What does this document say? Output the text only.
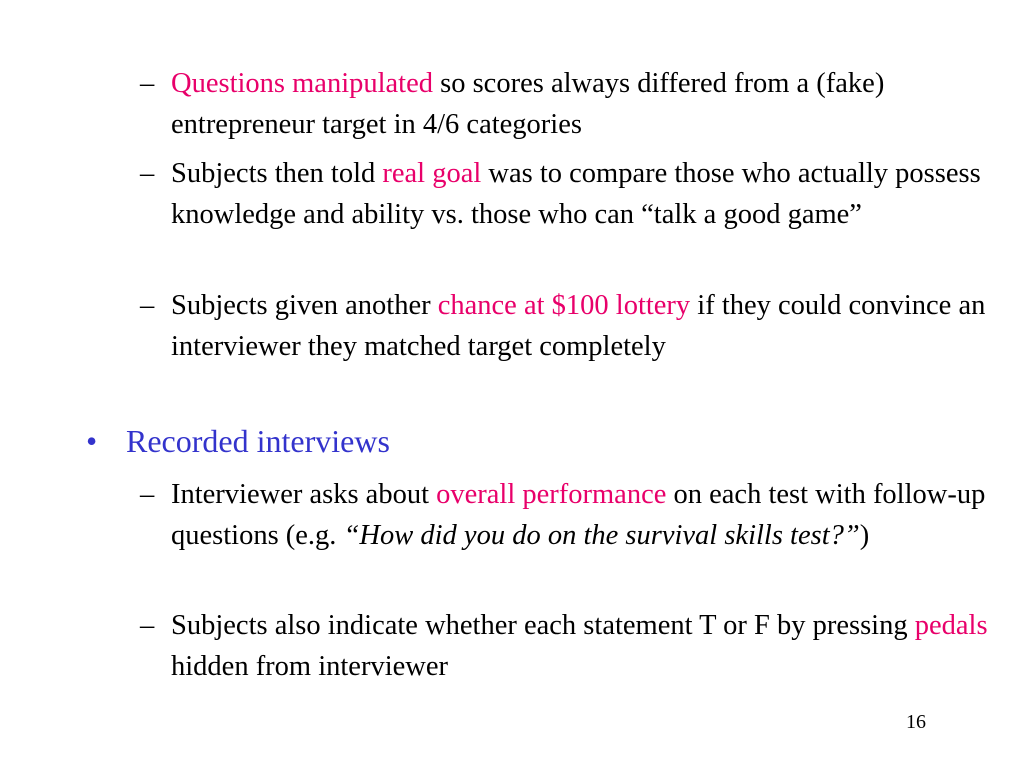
– Questions manipulated so scores always differed from a (fake) entrepreneur target in 4/6 categories
– Subjects then told real goal was to compare those who actually possess knowledge and ability vs. those who can “talk a good game”
– Subjects given another chance at $100 lottery if they could convince an interviewer they matched target completely
• Recorded interviews
– Interviewer asks about overall performance on each test with follow-up questions (e.g. “How did you do on the survival skills test?”)
– Subjects also indicate whether each statement T or F by pressing pedals hidden from interviewer
16
